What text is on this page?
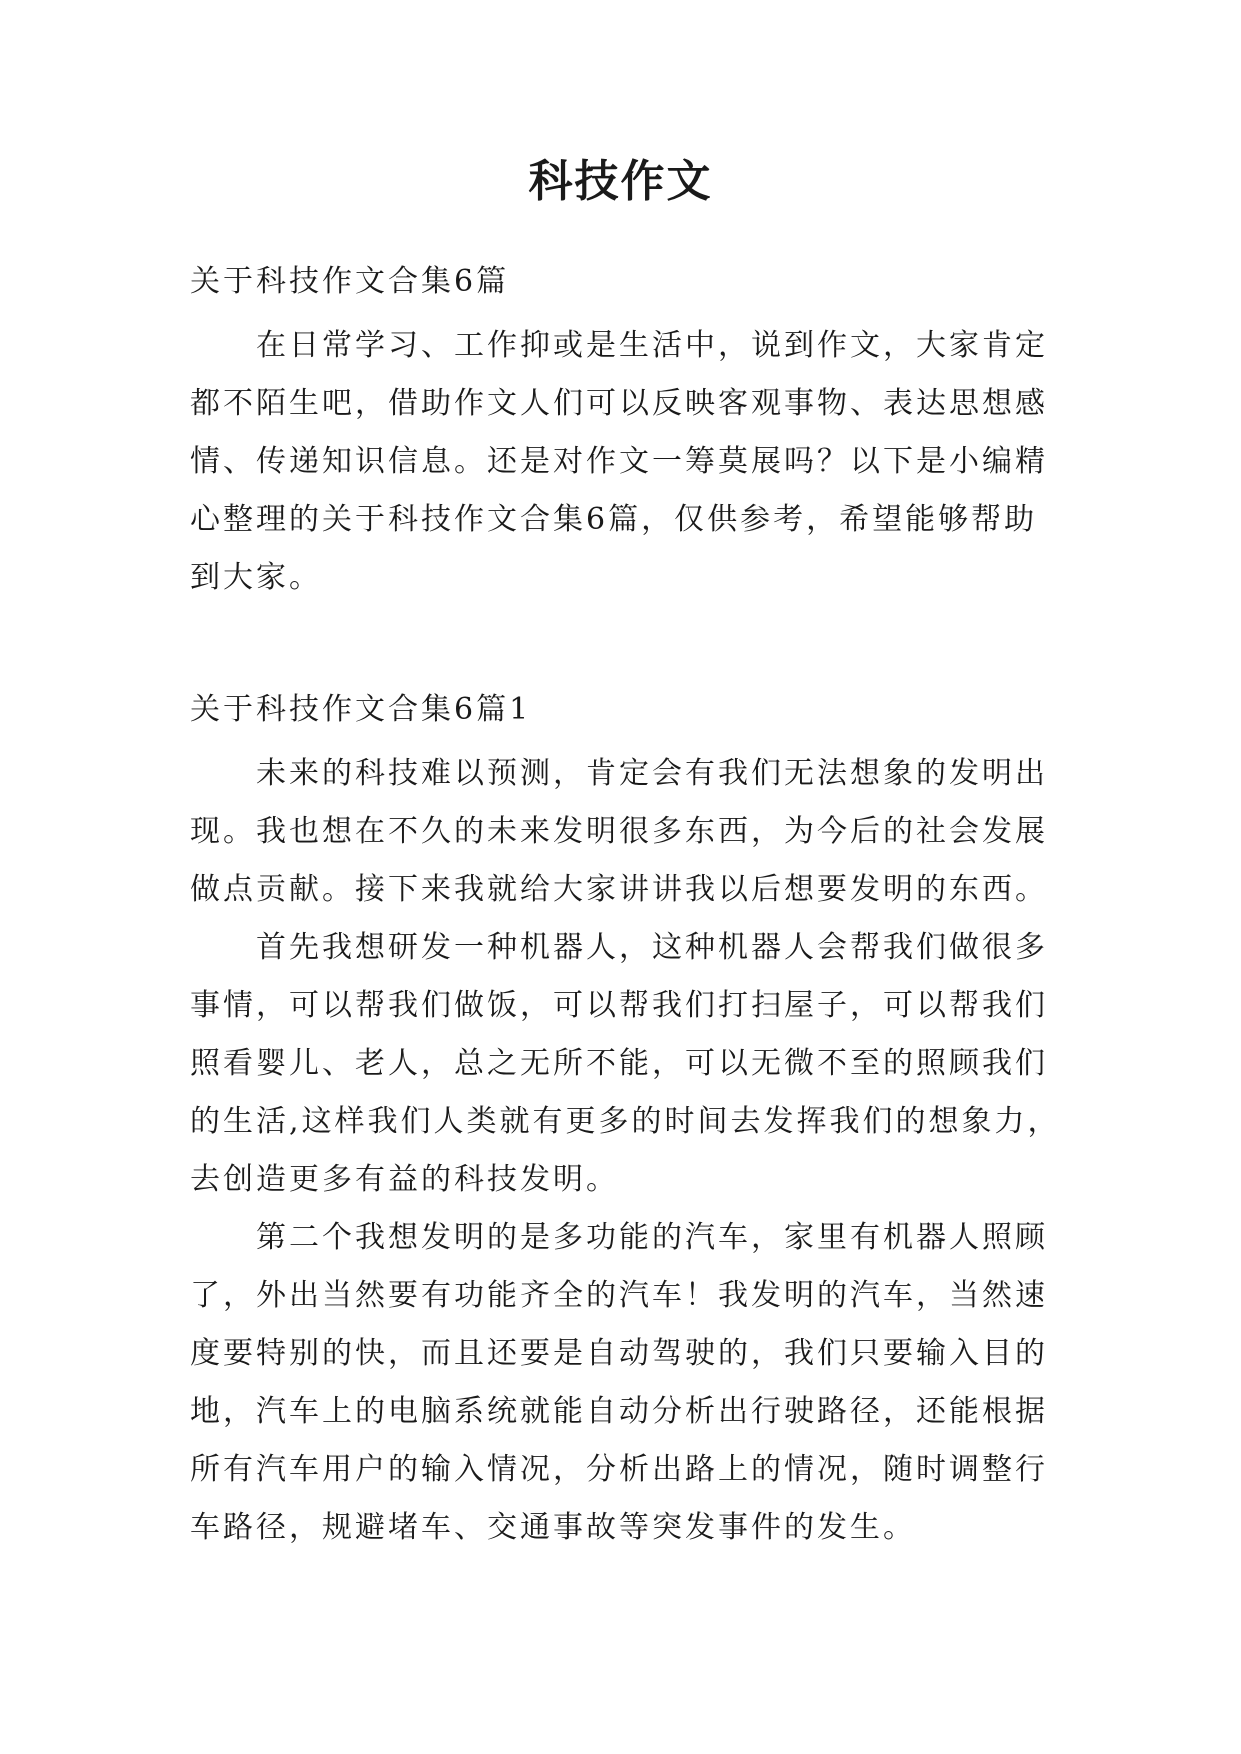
科技作文

关于科技作文合集6篇

在日常学习、工作抑或是生活中，说到作文，大家肯定

都不陌生吧，借助作文人们可以反映客观事物、表达思想感

情、传递知识信息。还是对作文一筹莫展吗？以下是小编精

心整理的关于科技作文合集6篇，仅供参考，希望能够帮助

到大家。

关于科技作文合集6篇1

未来的科技难以预测，肯定会有我们无法想象的发明出

现。我也想在不久的未来发明很多东西，为今后的社会发展

做点贡献。接下来我就给大家讲讲我以后想要发明的东西。

首先我想研发一种机器人，这种机器人会帮我们做很多

事情，可以帮我们做饭，可以帮我们打扫屋子，可以帮我们

照看婴儿、老人，总之无所不能，可以无微不至的照顾我们

的生活,这样我们人类就有更多的时间去发挥我们的想象力，

去创造更多有益的科技发明。

第二个我想发明的是多功能的汽车，家里有机器人照顾

了，外出当然要有功能齐全的汽车！我发明的汽车，当然速

度要特别的快，而且还要是自动驾驶的，我们只要输入目的

地，汽车上的电脑系统就能自动分析出行驶路径，还能根据

所有汽车用户的输入情况，分析出路上的情况，随时调整行

车路径，规避堵车、交通事故等突发事件的发生。
